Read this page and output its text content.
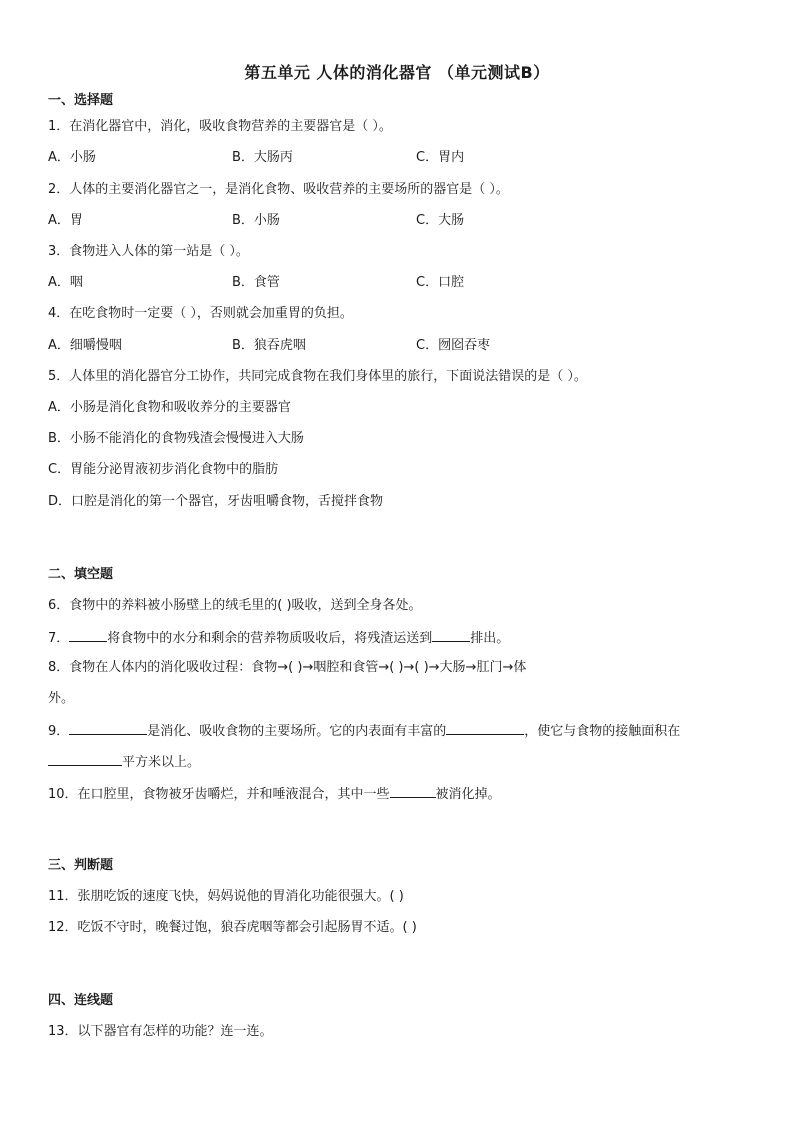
第五单元 人体的消化器官 （单元测试B）
一、选择题
1．在消化器官中，消化，吸收食物营养的主要器官是（ ）。
A．小肠	B．大肠丙	C．胃内
2．人体的主要消化器官之一，是消化食物、吸收营养的主要场所的器官是（ ）。
A．胃	B．小肠	C．大肠
3．食物进入人体的第一站是（ ）。
A．咽	B．食管	C．口腔
4．在吃食物时一定要（ ），否则就会加重胃的负担。
A．细嚼慢咽	B．狼吞虎咽	C．囫囵吞枣
5．人体里的消化器官分工协作，共同完成食物在我们身体里的旅行，下面说法错误的是（ ）。
A．小肠是消化食物和吸收养分的主要器官
B．小肠不能消化的食物残渣会慢慢进入大肠
C．胃能分泌胃液初步消化食物中的脂肪
D．口腔是消化的第一个器官，牙齿咀嚼食物，舌搅拌食物
二、填空题
6．食物中的养料被小肠壁上的绒毛里的( )吸收，送到全身各处。
7．	将食物中的水分和剩余的营养物质吸收后，将残渣运送到	排出。
8．食物在人体内的消化吸收过程：食物→( )→咽腔和食管→( )→( )→大肠→肛门→体
外。
9．	是消化、吸收食物的主要场所。它的内表面有丰富的	，使它与食物的接触面积在
平方米以上。
10．在口腔里，食物被牙齿嚼烂，并和唾液混合，其中一些	被消化掉。
三、判断题
11．张朋吃饭的速度飞快，妈妈说他的胃消化功能很强大。( )
12．吃饭不守时，晚餐过饱，狼吞虎咽等都会引起肠胃不适。( )
四、连线题
13．以下器官有怎样的功能？连一连。
